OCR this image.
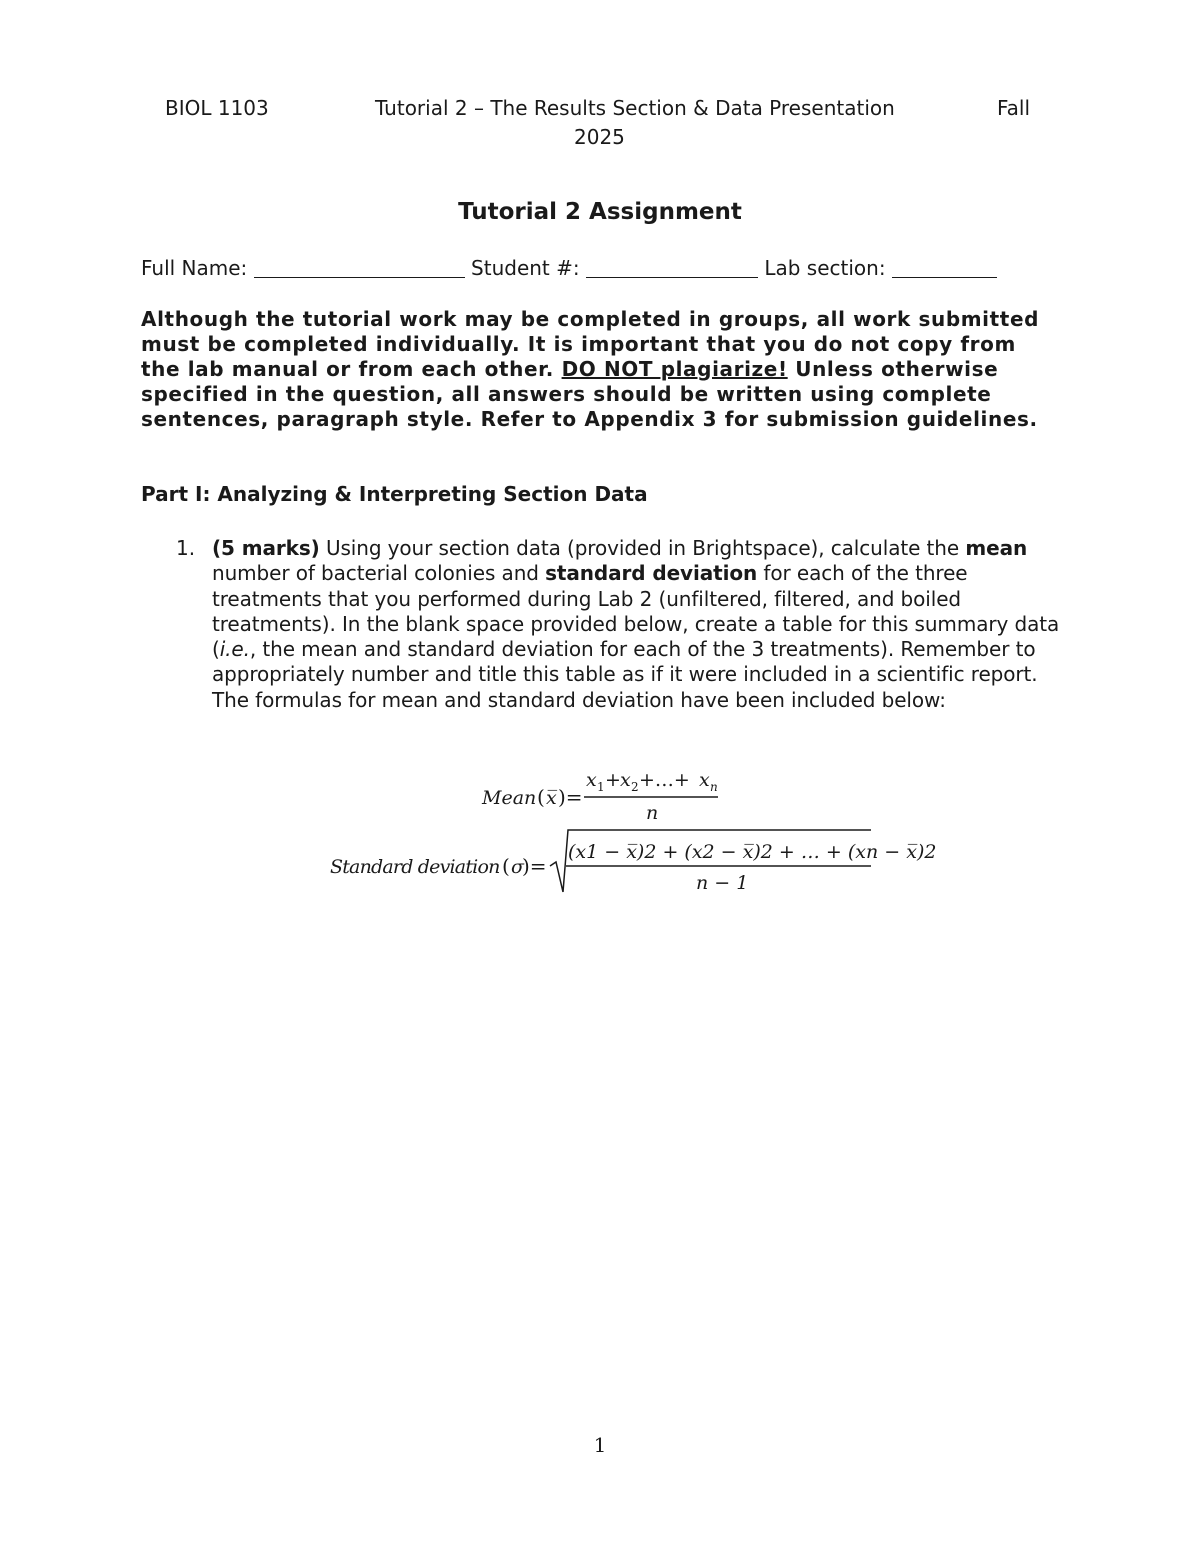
BIOL 1103	Tutorial 2 – The Results Section & Data Presentation	Fall
2025
Tutorial 2 Assignment
Full Name:	Student #:	Lab section:
Although the tutorial work may be completed in groups, all work submitted must be completed individually. It is important that you do not copy from the lab manual or from each other. DO NOT plagiarize! Unless otherwise specified in the question, all answers should be written using complete sentences, paragraph style. Refer to Appendix 3 for submission guidelines.
Part I: Analyzing & Interpreting Section Data
1. (5 marks) Using your section data (provided in Brightspace), calculate the mean number of bacterial colonies and standard deviation for each of the three treatments that you performed during Lab 2 (unfiltered, filtered, and boiled treatments). In the blank space provided below, create a table for this summary data (i.e., the mean and standard deviation for each of the 3 treatments). Remember to appropriately number and title this table as if it were included in a scientific report. The formulas for mean and standard deviation have been included below:
Mean ( x̅ )=
x 1 + x 2 +…+ x n
n
Standard deviation ( σ
)=
(x1 − x̅)2 + (x2 − x̅)2 + … + (xn − x̅)2
n − 1
1
